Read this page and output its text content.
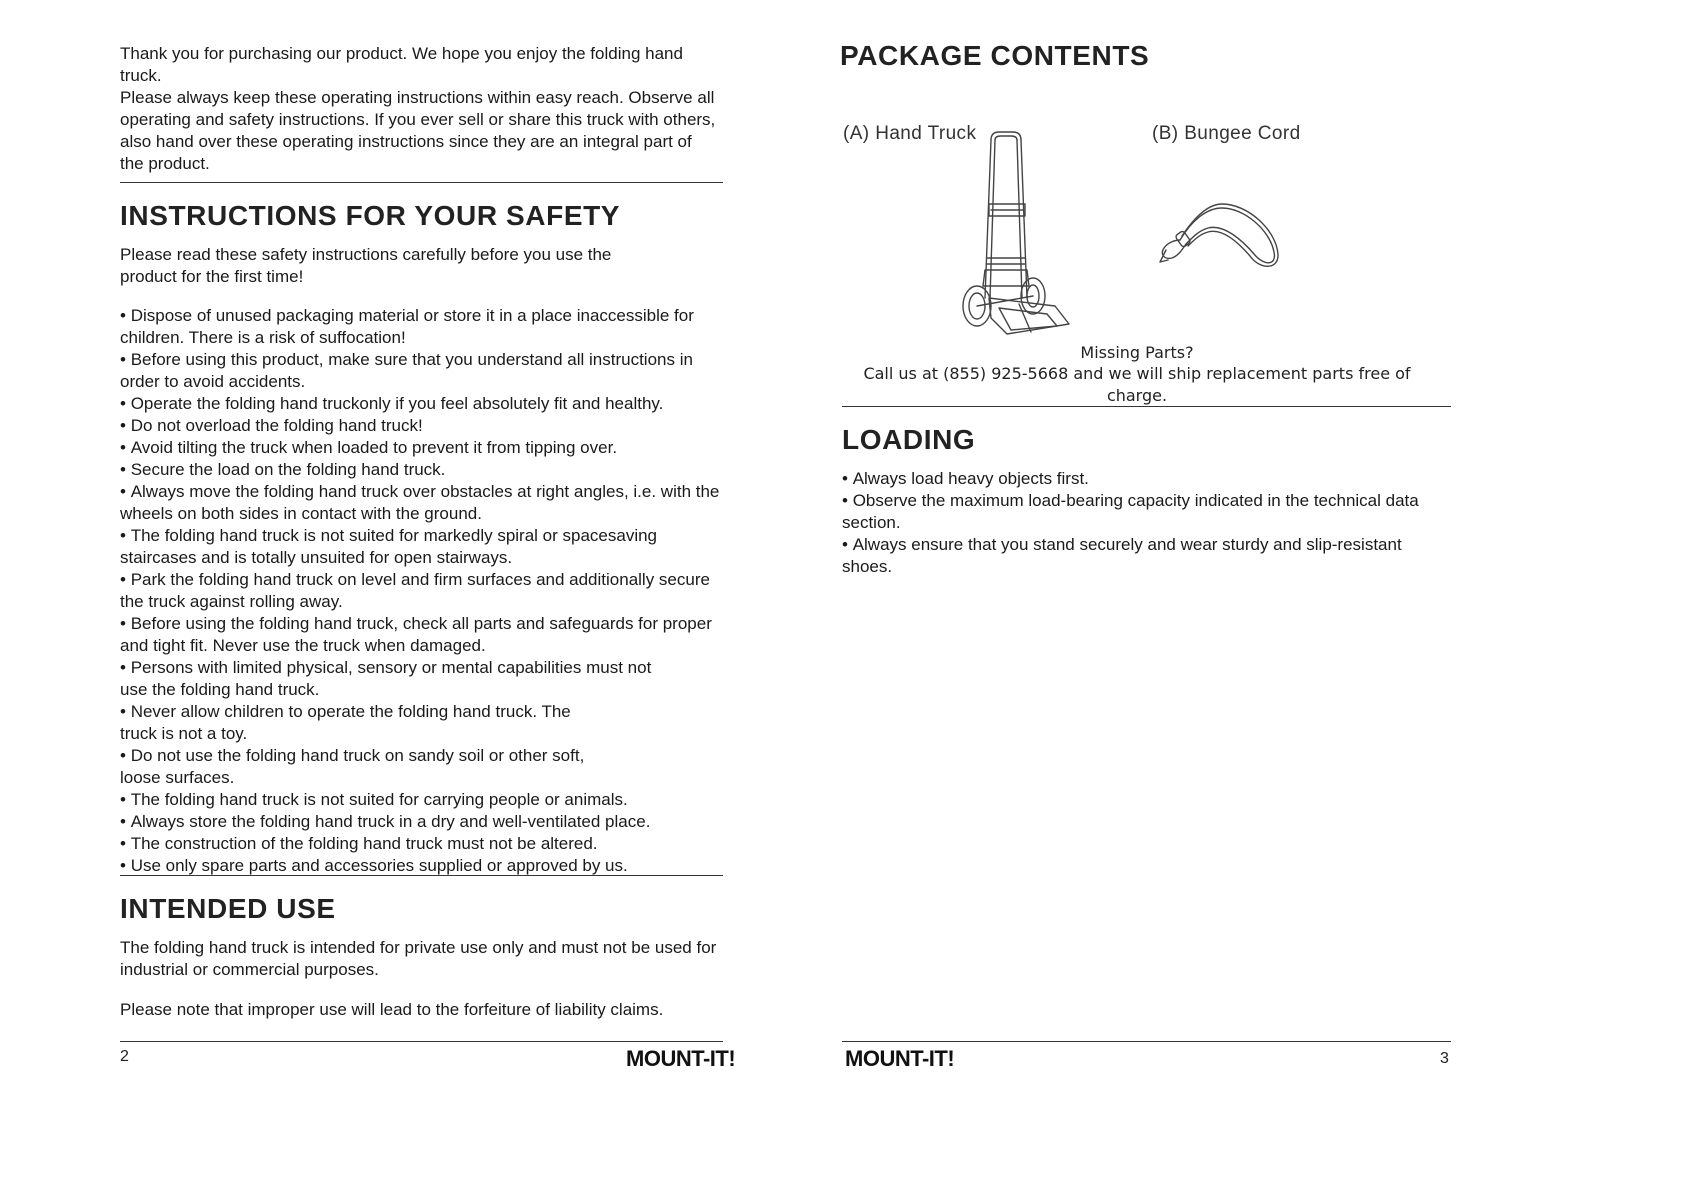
Thank you for purchasing our product. We hope you enjoy the folding hand truck.

Please always keep these operating instructions within easy reach. Observe all operating and safety instructions. If you ever sell or share this truck with others, also hand over these operating instructions since they are an integral part of the product.

INSTRUCTIONS FOR YOUR SAFETY

Please read these safety instructions carefully before you use the product for the first time!

• Dispose of unused packaging material or store it in a place inaccessible for children. There is a risk of suffocation!
• Before using this product, make sure that you understand all instructions in order to avoid accidents.
• Operate the folding hand truckonly if you feel absolutely fit and healthy.
• Do not overload the folding hand truck!
• Avoid tilting the truck when loaded to prevent it from tipping over.
• Secure the load on the folding hand truck.
• Always move the folding hand truck over obstacles at right angles, i.e. with the wheels on both sides in contact with the ground.
• The folding hand truck is not suited for markedly spiral or spacesaving staircases and is totally unsuited for open stairways.
• Park the folding hand truck on level and firm surfaces and additionally secure the truck against rolling away.
• Before using the folding hand truck, check all parts and safeguards for proper and tight fit. Never use the truck when damaged.
• Persons with limited physical, sensory or mental capabilities must not use the folding hand truck.
• Never allow children to operate the folding hand truck. The truck is not a toy.
• Do not use the folding hand truck on sandy soil or other soft, loose surfaces.
• The folding hand truck is not suited for carrying people or animals.
• Always store the folding hand truck in a dry and well-ventilated place.
• The construction of the folding hand truck must not be altered.
• Use only spare parts and accessories supplied or approved by us.
INTENDED USE

The folding hand truck is intended for private use only and must not be used for industrial or commercial purposes.

Please note that improper use will lead to the forfeiture of liability claims.

2	MOUNT-IT!
PACKAGE CONTENTS
(A) Hand Truck	(B) Bungee Cord
Missing Parts?
Call us at (855) 925-5668 and we will ship replacement parts free of charge.
LOADING
• Always load heavy objects first.
• Observe the maximum load-bearing capacity indicated in the technical data section.
• Always ensure that you stand securely and wear sturdy and slip-resistant shoes.
MOUNT-IT!	3
